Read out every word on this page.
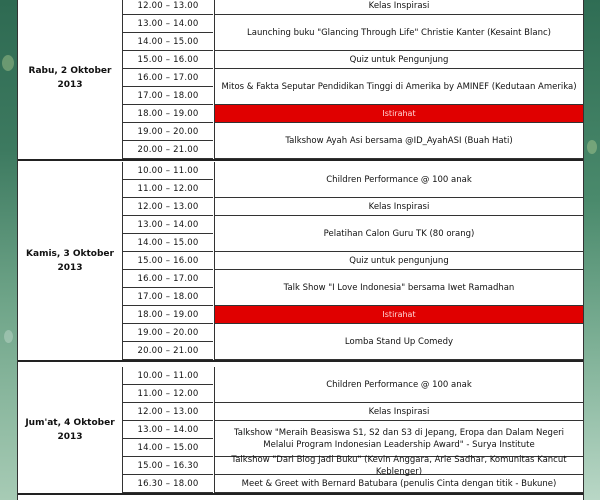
Rabu, 2 Oktober
2013
12.00 – 13.00
13.00 – 14.00
14.00 – 15.00
15.00 – 16.00
16.00 – 17.00
17.00 – 18.00
18.00 – 19.00
19.00 – 20.00
20.00 – 21.00
Kelas Inspirasi
Launching buku "Glancing Through Life" Christie Kanter (Kesaint Blanc)
Quiz untuk Pengunjung
Mitos & Fakta Seputar Pendidikan Tinggi di Amerika by AMINEF (Kedutaan Amerika)
Istirahat
Talkshow Ayah Asi bersama @ID_AyahASI (Buah Hati)
Kamis, 3 Oktober
2013
10.00 – 11.00
11.00 – 12.00
12.00 – 13.00
13.00 – 14.00
14.00 – 15.00
15.00 – 16.00
16.00 – 17.00
17.00 – 18.00
18.00 – 19.00
19.00 – 20.00
20.00 – 21.00
Children Performance @ 100 anak
Kelas Inspirasi
Pelatihan Calon Guru TK (80 orang)
Quiz untuk pengunjung
Talk Show "I Love Indonesia" bersama Iwet Ramadhan
Istirahat
Lomba Stand Up Comedy
Jum'at, 4 Oktober
2013
10.00 – 11.00
11.00 – 12.00
12.00 – 13.00
13.00 – 14.00
14.00 – 15.00
15.00 – 16.30
16.30 – 18.00
Children Performance @ 100 anak
Kelas Inspirasi
Talkshow "Meraih Beasiswa S1, S2 dan S3 di Jepang, Eropa dan Dalam Negeri Melalui Program Indonesian Leadership Award" - Surya Institute
Talkshow "Dari Blog Jadi Buku" (Kevin Anggara, Arie Sadhar, Komunitas Kancut Keblenger)
Meet & Greet with Bernard Batubara (penulis Cinta dengan titik - Bukune)
